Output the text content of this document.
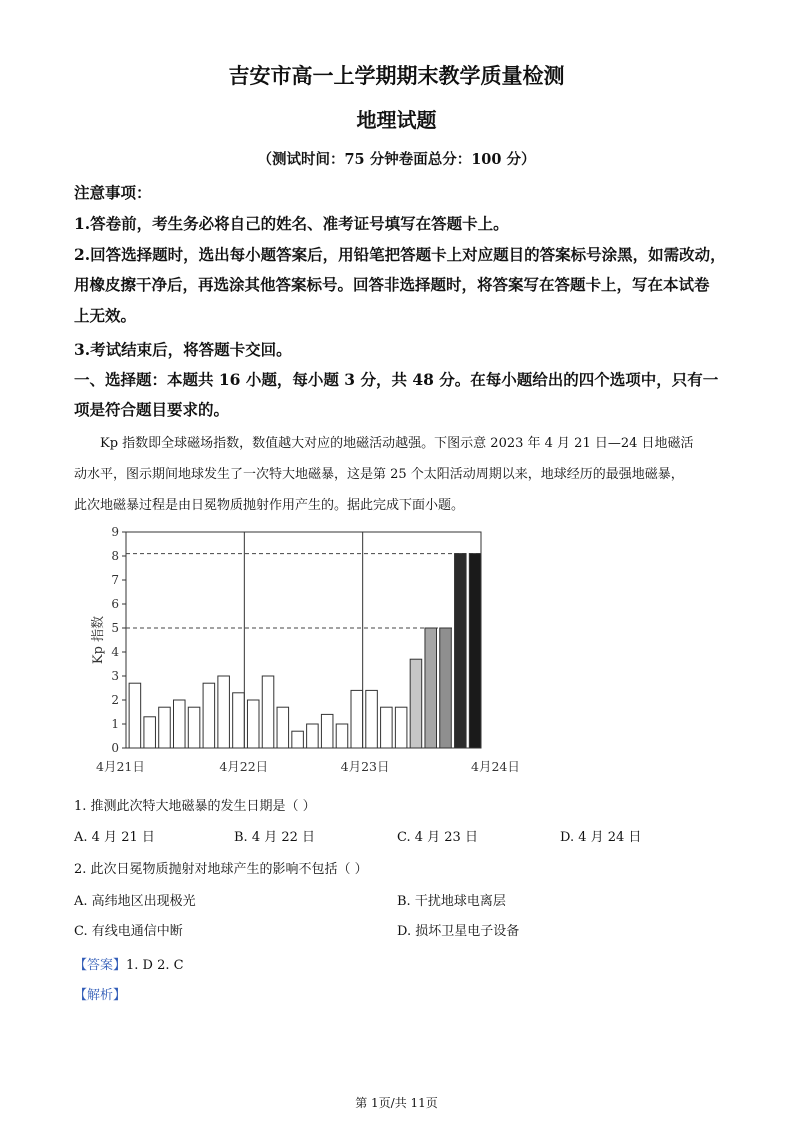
吉安市高一上学期期末教学质量检测
地理试题
（测试时间：75 分钟卷面总分：100 分）
注意事项：
1.答卷前，考生务必将自己的姓名、准考证号填写在答题卡上。
2.回答选择题时，选出每小题答案后，用铅笔把答题卡上对应题目的答案标号涂黑，如需改动，
用橡皮擦干净后，再选涂其他答案标号。回答非选择题时，将答案写在答题卡上，写在本试卷
上无效。
3.考试结束后，将答题卡交回。
一、选择题：本题共 16 小题，每小题 3 分，共 48 分。在每小题给出的四个选项中，只有一
项是符合题目要求的。
Kp 指数即全球磁场指数，数值越大对应的地磁活动越强。下图示意 2023 年 4 月 21 日—24 日地磁活
动水平，图示期间地球发生了一次特大地磁暴，这是第 25 个太阳活动周期以来，地球经历的最强地磁暴，
此次地磁暴过程是由日冕物质抛射作用产生的。据此完成下面小题。
0
1
2
3
4
5
6
7
8
9
Kp 指数
4月21日	4月22日	4月23日	4月24日
1. 推测此次特大地磁暴的发生日期是（ ）
A. 4 月 21 日	B. 4 月 22 日	C. 4 月 23 日	D. 4 月 24 日
2. 此次日冕物质抛射对地球产生的影响不包括（ ）
A. 高纬地区出现极光	B. 干扰地球电离层
C. 有线电通信中断	D. 损坏卫星电子设备
【答案】1. D 2. C
【解析】
第 1页/共 11页
